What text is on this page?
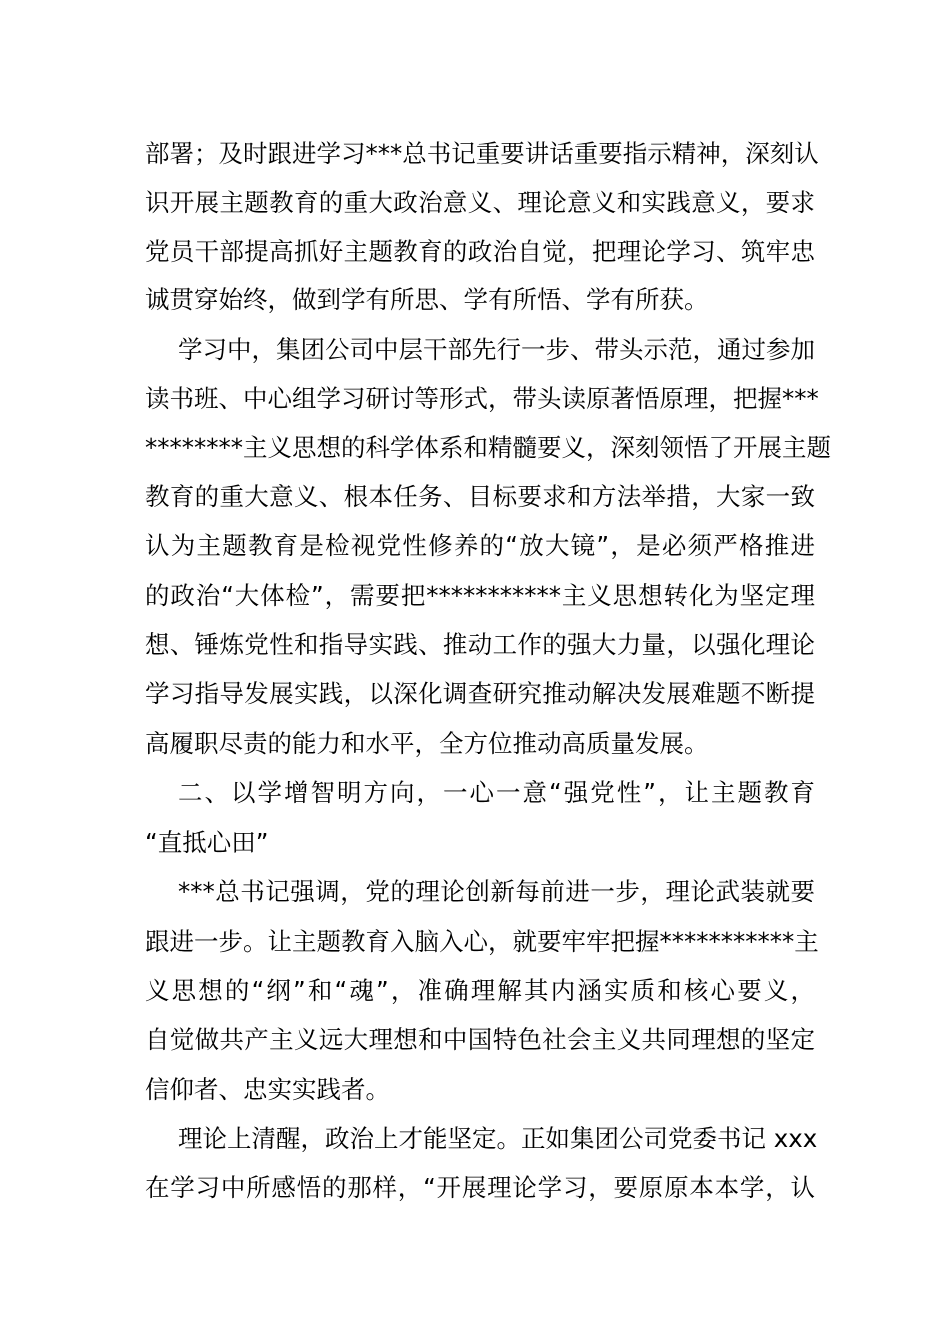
部署；及时跟进学习***总书记重要讲话重要指示精神，深刻认
识开展主题教育的重大政治意义、理论意义和实践意义，要求
党员干部提高抓好主题教育的政治自觉，把理论学习、筑牢忠
诚贯穿始终，做到学有所思、学有所悟、学有所获。
学习中，集团公司中层干部先行一步、带头示范，通过参加
读书班、中心组学习研讨等形式，带头读原著悟原理，把握***
********主义思想的科学体系和精髓要义，深刻领悟了开展主题
教育的重大意义、根本任务、目标要求和方法举措，大家一致
认为主题教育是检视党性修养的“放大镜”，是必须严格推进
的政治“大体检”，需要把***********主义思想转化为坚定理
想、锤炼党性和指导实践、推动工作的强大力量，以强化理论
学习指导发展实践，以深化调查研究推动解决发展难题不断提
高履职尽责的能力和水平，全方位推动高质量发展。
二、以学增智明方向，一心一意“强党性”，让主题教育
“直抵心田”
***总书记强调，党的理论创新每前进一步，理论武装就要
跟进一步。让主题教育入脑入心，就要牢牢把握***********主
义思想的“纲”和“魂”，准确理解其内涵实质和核心要义，
自觉做共产主义远大理想和中国特色社会主义共同理想的坚定
信仰者、忠实实践者。
理论上清醒，政治上才能坚定。正如集团公司党委书记 xxx
在学习中所感悟的那样，“开展理论学习，要原原本本学，认
